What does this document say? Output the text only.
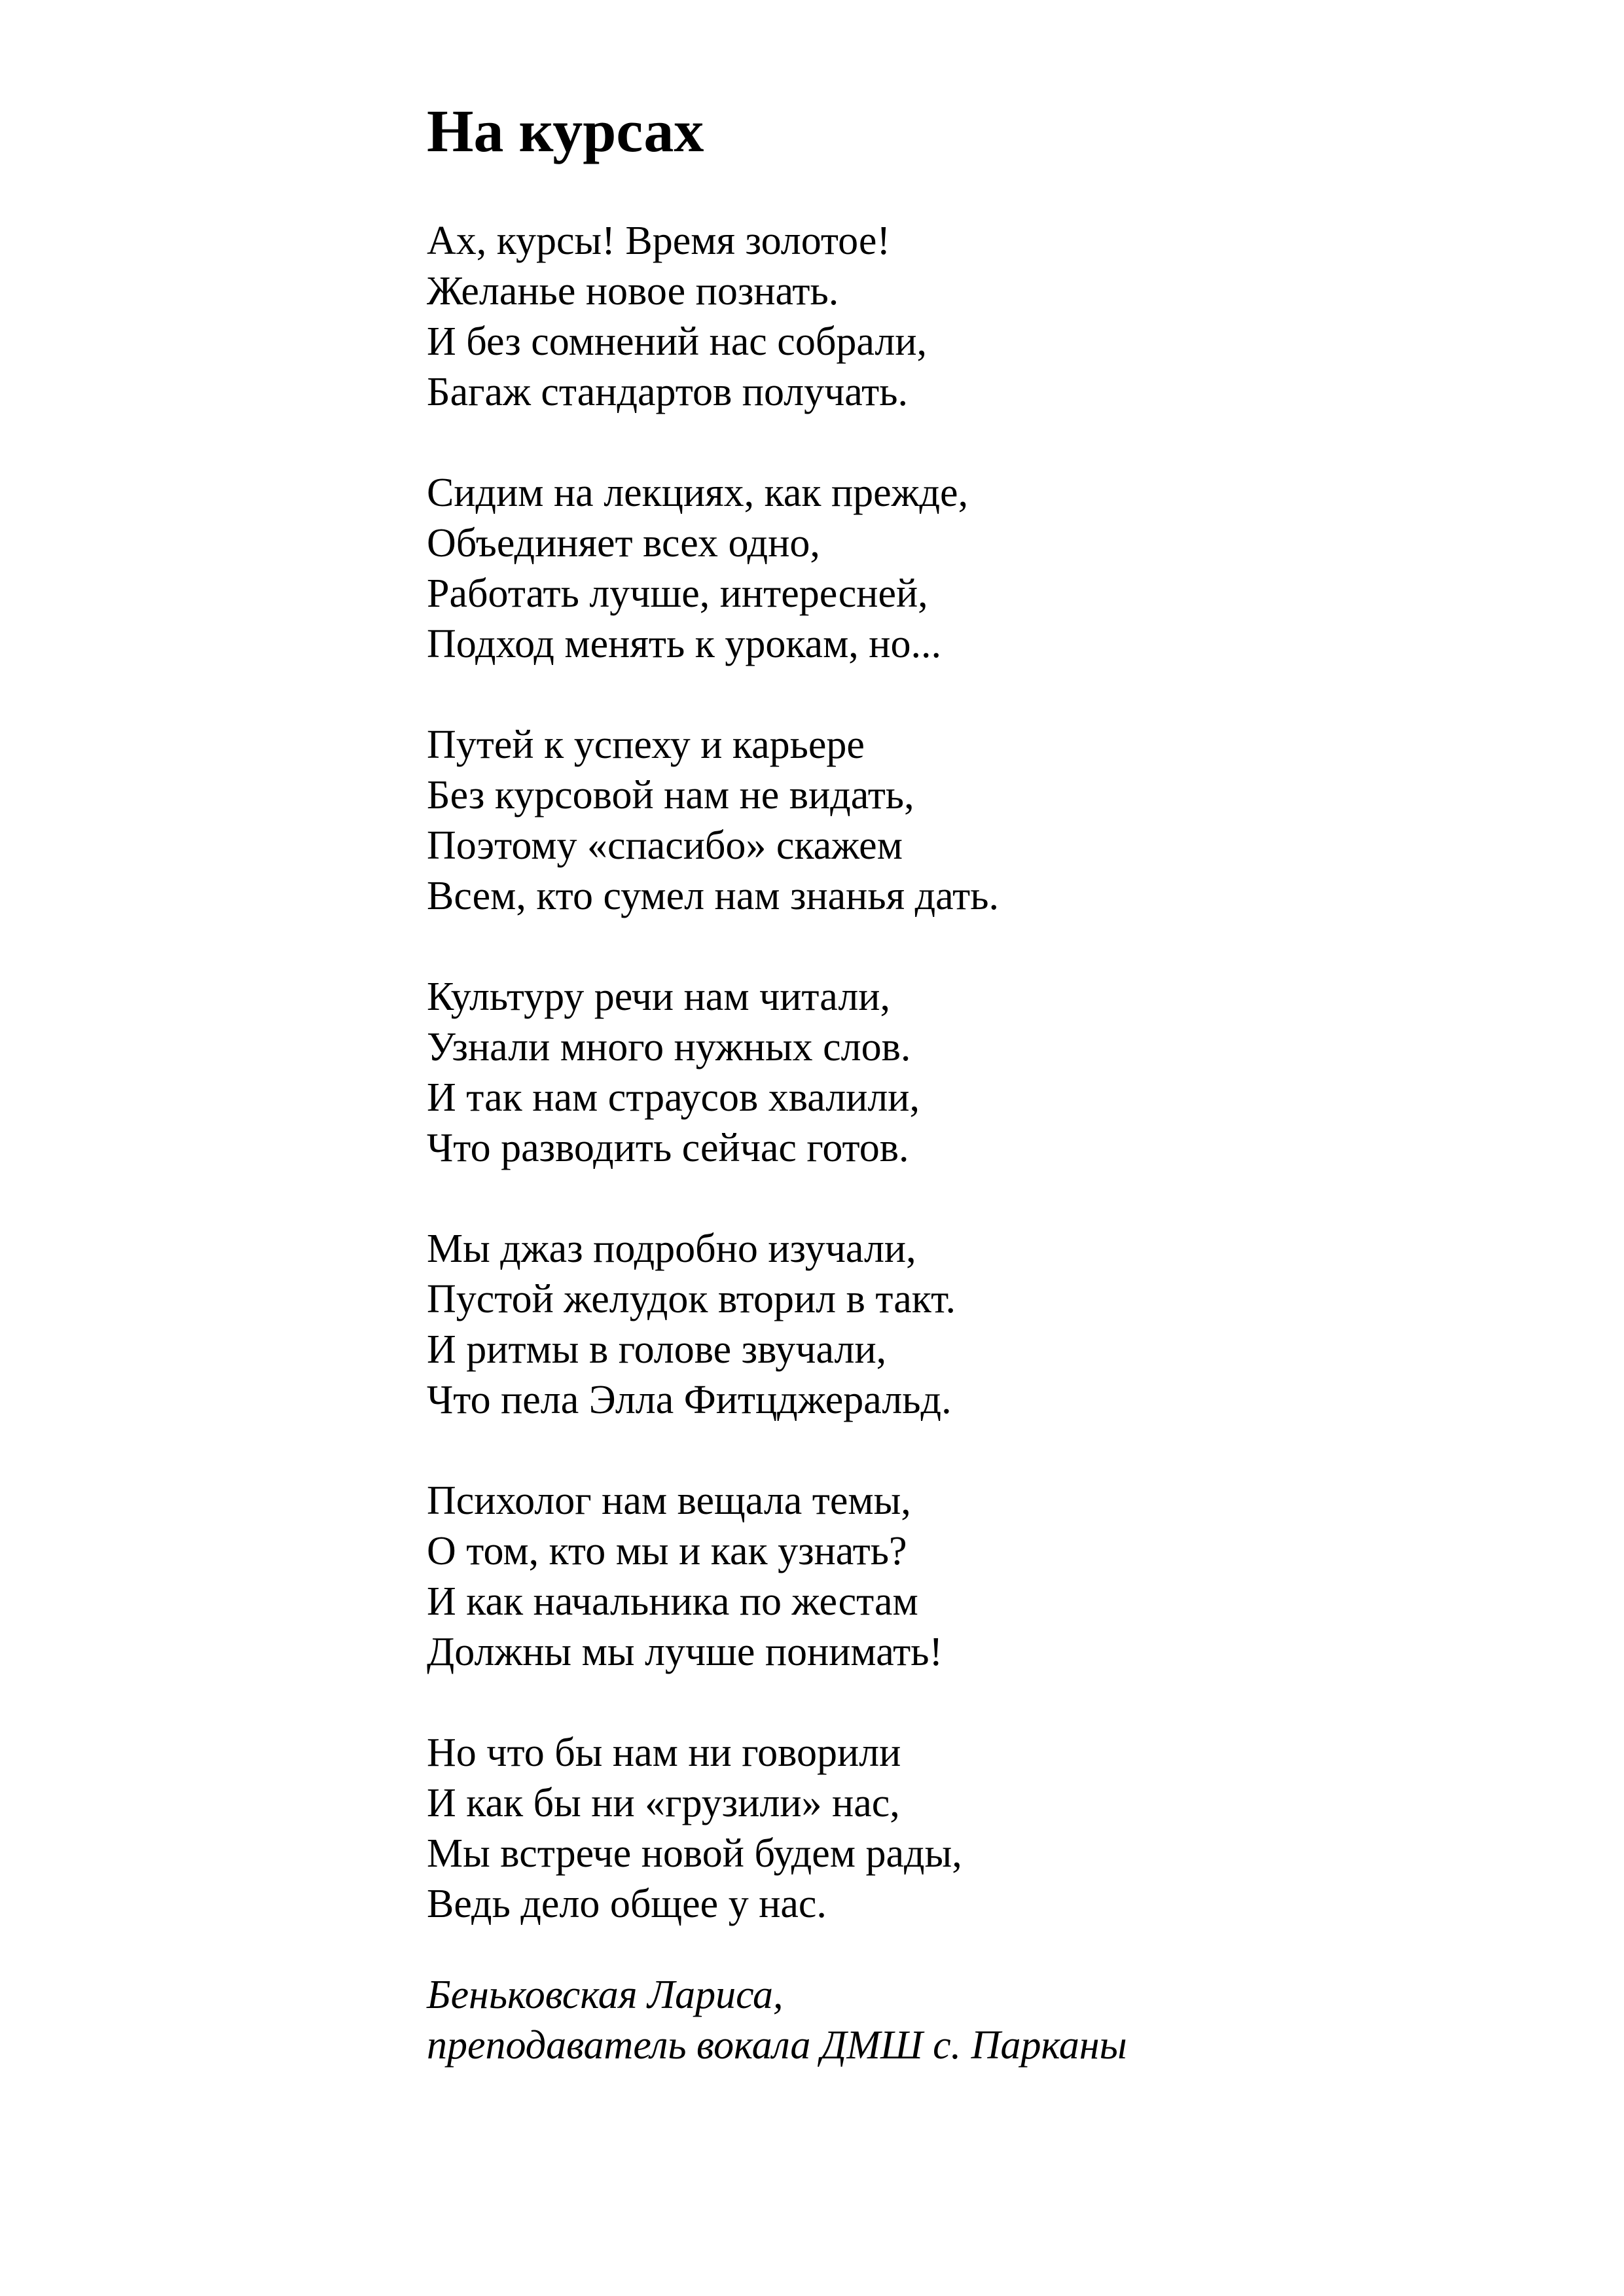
На курсах
Ах, курсы! Время золотое!
Желанье новое познать.
И без сомнений нас собрали,
Багаж стандартов получать.
Сидим на лекциях, как прежде,
Объединяет всех одно,
Работать лучше, интересней,
Подход менять к урокам, но...
Путей к успеху и карьере
Без курсовой нам не видать,
Поэтому «спасибо» скажем
Всем, кто сумел нам знанья дать.
Культуру речи нам читали,
Узнали много нужных слов.
И так нам страусов хвалили,
Что разводить сейчас готов.
Мы джаз подробно изучали,
Пустой желудок вторил в такт.
И ритмы в голове звучали,
Что пела Элла Фитцджеральд.
Психолог нам вещала темы,
О том, кто мы и как узнать?
И как начальника по жестам
Должны мы лучше понимать!
Но что бы нам ни говорили
И как бы ни «грузили» нас,
Мы встрече новой будем рады,
Ведь дело общее у нас.
Беньковская Лариса,
преподаватель вокала ДМШ с. Парканы
